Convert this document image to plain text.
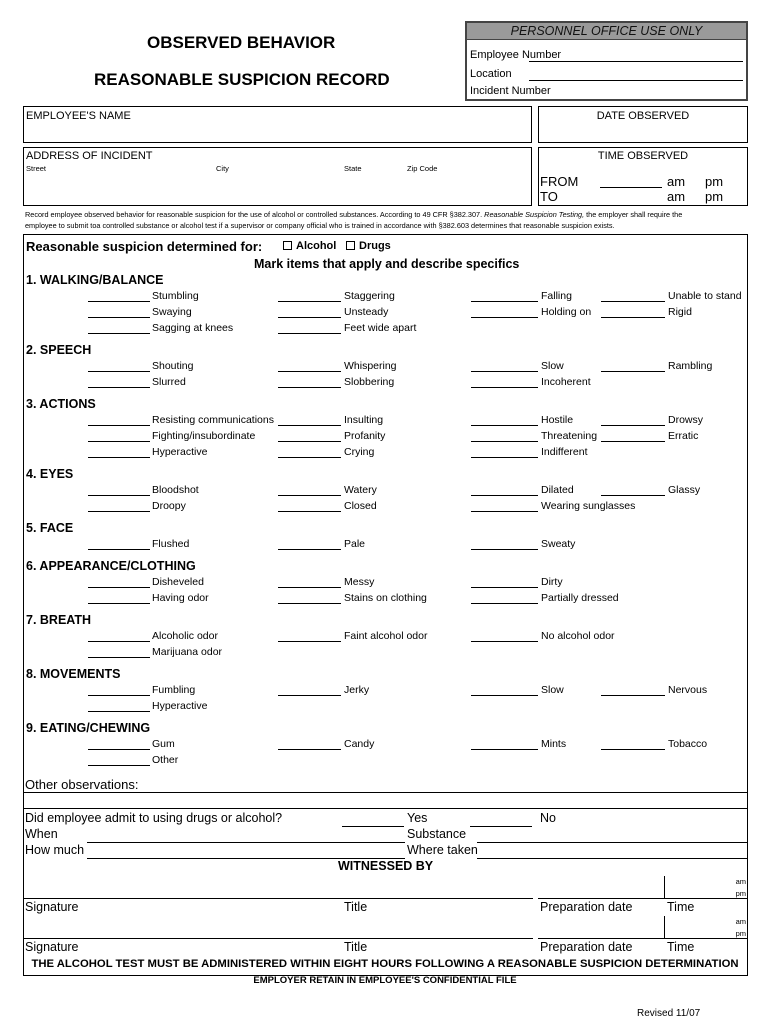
OBSERVED BEHAVIOR
REASONABLE SUSPICION RECORD
PERSONNEL OFFICE USE ONLY
Employee Number
Location
Incident Number
EMPLOYEE'S NAME	DATE OBSERVED
ADDRESS OF INCIDENT
Street	City	State	Zip Code
TIME OBSERVED
FROM	am pm
TO	am pm
Record employee observed behavior for reasonable suspicion for the use of alcohol or controlled substances. According to 49 CFR §382.307. Reasonable Suspicion Testing, the employer shall require the
employee to submit toa controlled substance or alcohol test if a supervisor or company official who is trained in accordance with §382.603 determines that reasonable suspicion exists.
Reasonable suspicion determined for:	Alcohol	Drugs
Mark items that apply and describe specifics
1. WALKING/BALANCE
Stumbling	Staggering	Falling	Unable to stand
Swaying	Unsteady	Holding on	Rigid
Sagging at knees	Feet wide apart
2. SPEECH
Shouting	Whispering	Slow	Rambling
Slurred	Slobbering	Incoherent
3. ACTIONS
Resisting communications	Insulting	Hostile	Drowsy
Fighting/insubordinate	Profanity	Threatening	Erratic
Hyperactive	Crying	Indifferent
4. EYES
Bloodshot	Watery	Dilated	Glassy
Droopy	Closed	Wearing sunglasses
5. FACE
Flushed	Pale	Sweaty
6. APPEARANCE/CLOTHING
Disheveled	Messy	Dirty
Having odor	Stains on clothing	Partially dressed
7. BREATH
Alcoholic odor	Faint alcohol odor	No alcohol odor
Marijuana odor
8. MOVEMENTS
Fumbling	Jerky	Slow	Nervous
Hyperactive
9. EATING/CHEWING
Gum	Candy	Mints	Tobacco
Other
Other observations:
Did employee admit to using drugs or alcohol?	Yes	No
When	Substance
How much	Where taken
WITNESSED BY
am
pm
Signature	Title	Preparation date	Time
am
pm
Signature	Title	Preparation date	Time
THE ALCOHOL TEST MUST BE ADMINISTERED WITHIN EIGHT HOURS FOLLOWING A REASONABLE SUSPICION DETERMINATION
EMPLOYER RETAIN IN EMPLOYEE'S CONFIDENTIAL FILE
Revised 11/07
